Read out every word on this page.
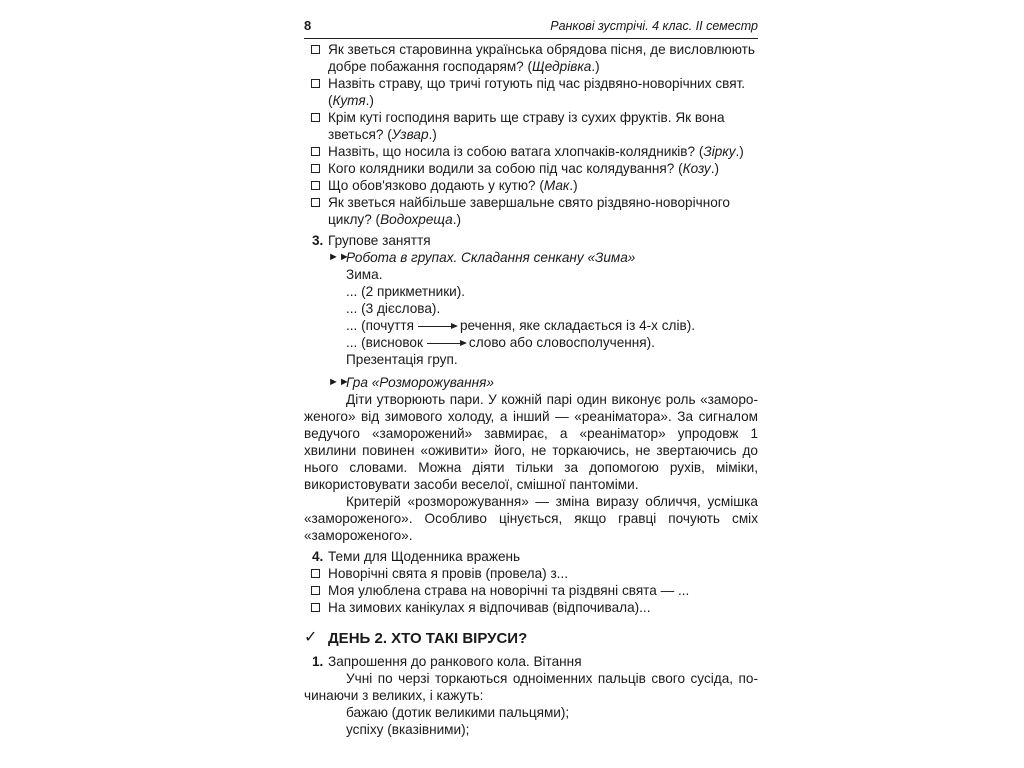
8	Ранкові зустрічі. 4 клас. ІІ семестр
Як зветься старовинна українська обрядова пісня, де висловлюють добре побажання господарям? (Щедрівка.)
Назвіть страву, що тричі готують під час різдвяно-новорічних свят. (Кутя.)
Крім куті господиня варить ще страву із сухих фруктів. Як вона зветься? (Узвар.)
Назвіть, що носила із собою ватага хлопчаків-колядників? (Зірку.)
Кого колядники водили за собою під час колядування? (Козу.)
Що обов'язково додають у кутю? (Мак.)
Як зветься найбільше завершальне свято різдвяно-новорічного циклу? (Водохреща.)
3. Групове заняття
►►
Робота в групах. Складання сенкану «Зима»
Зима.
... (2 прикметники).
... (3 дієслова).
... (почуття	речення, яке складається із 4-х слів).
... (висновок	слово або словосполучення).
Презентація груп.
►►
Гра «Розморожування»
Діти утворюють пари. У кожній парі один виконує роль «замороженого» від зимового холоду, а інший — «реаніматора». За сигналом ведучого «заморожений» завмирає, а «реаніматор» упродовж 1 хвилини повинен «оживити» його, не торкаючись, не звертаючись до нього словами. Можна діяти тільки за допомогою рухів, міміки, використовувати засоби веселої, смішної пантоміми.
Критерій «розморожування» — зміна виразу обличчя, усмішка «замороженого». Особливо цінується, якщо гравці почують сміх «замороженого».
4. Теми для Щоденника вражень
Новорічні свята я провів (провела) з...
Моя улюблена страва на новорічні та різдвяні свята — ...
На зимових канікулах я відпочивав (відпочивала)...
✓ ДЕНЬ 2. ХТО ТАКІ ВІРУСИ?
1. Запрошення до ранкового кола. Вітання
Учні по черзі торкаються одноіменних пальців свого сусіда, починаючи з великих, і кажуть:
бажаю (дотик великими пальцями);
успіху (вказівними);
